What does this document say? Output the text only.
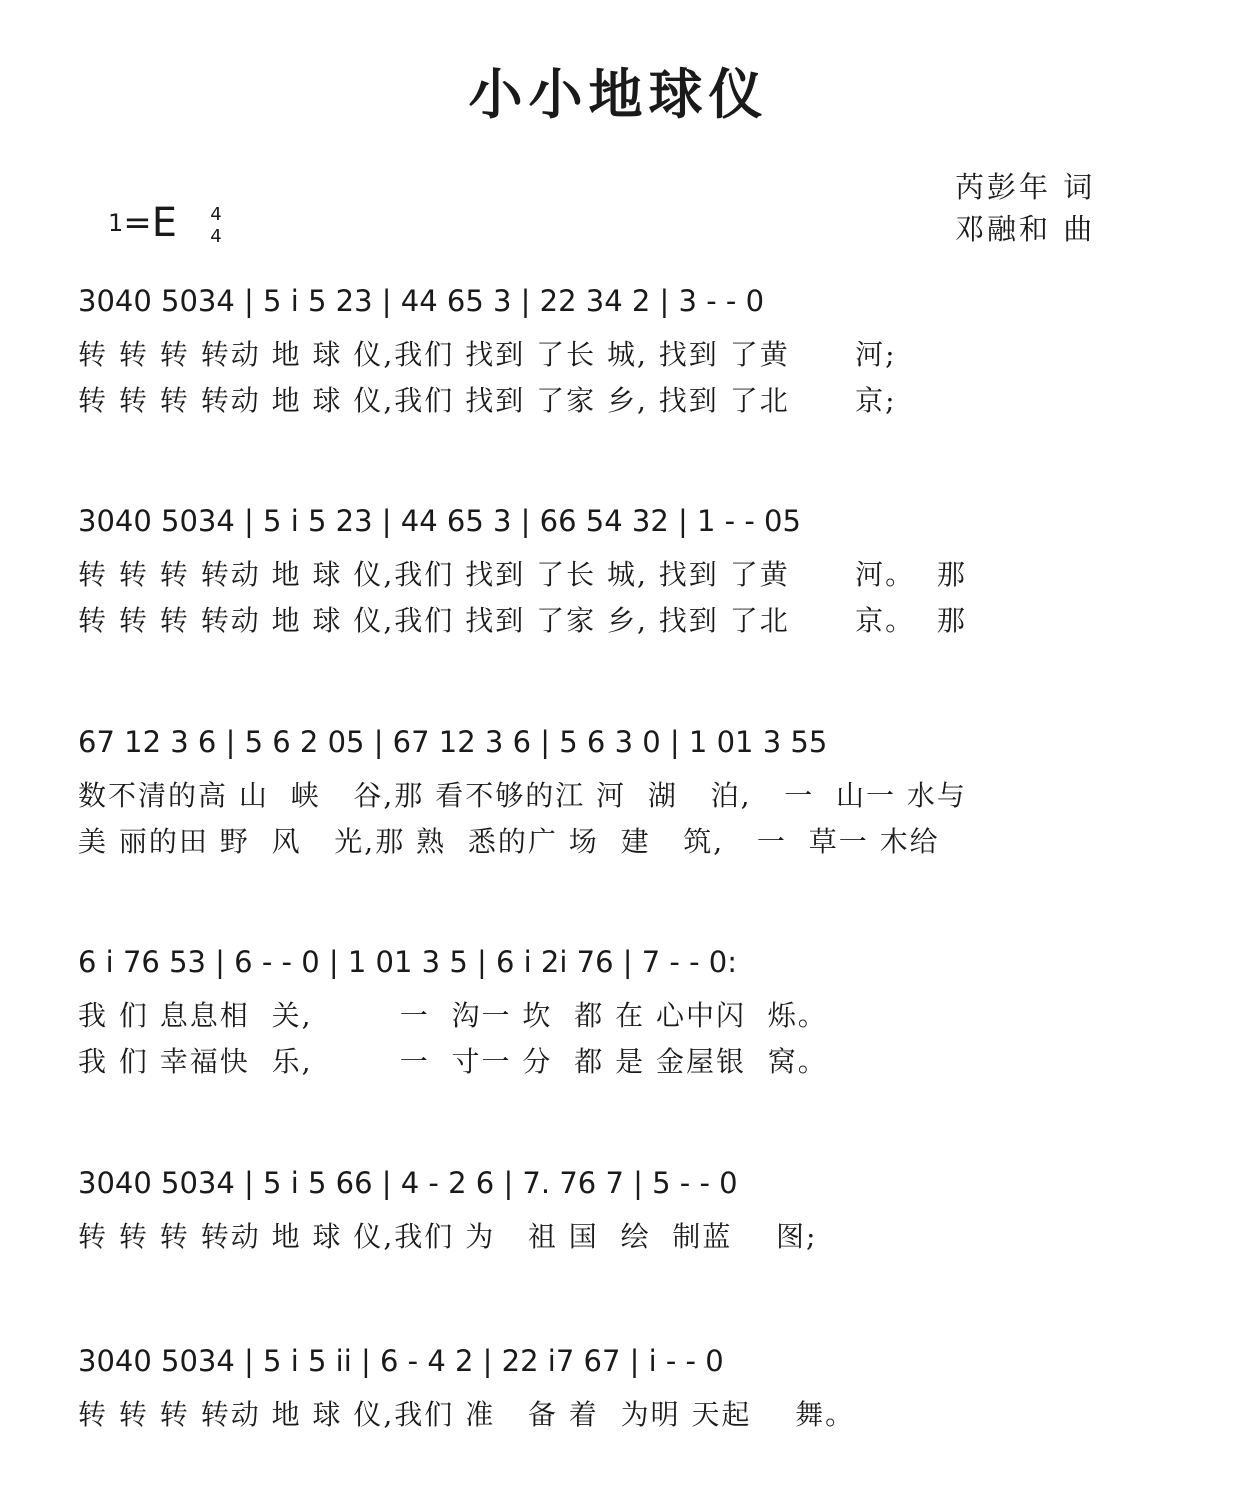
小小地球仪
芮彭年 词
邓融和 曲
1=E 4
4
3040 5034 | 5 i 5 23 | 44 65 3 | 22 34 2 | 3 - - 0
转 转 转 转动 地 球 仪,我们 找到 了长 城, 找到 了黄      河;
转 转 转 转动 地 球 仪,我们 找到 了家 乡, 找到 了北      京;
3040 5034 | 5 i 5 23 | 44 65 3 | 66 54 32 | 1 - - 05
转 转 转 转动 地 球 仪,我们 找到 了长 城, 找到 了黄      河。  那
转 转 转 转动 地 球 仪,我们 找到 了家 乡, 找到 了北      京。  那
67 12 3 6 | 5 6 2 05 | 67 12 3 6 | 5 6 3 0 | 1 01 3 55
数不清的高 山  峡   谷,那 看不够的江 河  湖   泊,   一  山一 水与
美 丽的田 野  风   光,那 熟  悉的广 场  建   筑,   一  草一 木给
6 i 76 53 | 6 - - 0 | 1 01 3 5 | 6 i 2i 76 | 7 - - 0:
我 们 息息相  关,        一  沟一 坎  都 在 心中闪  烁。
我 们 幸福快  乐,        一  寸一 分  都 是 金屋银  窝。
3040 5034 | 5 i 5 66 | 4 - 2 6 | 7. 76 7 | 5 - - 0
转 转 转 转动 地 球 仪,我们 为   祖 国  绘  制蓝    图;
3040 5034 | 5 i 5 ii | 6 - 4 2 | 22 i7 67 | i - - 0
转 转 转 转动 地 球 仪,我们 准   备 着  为明 天起    舞。
